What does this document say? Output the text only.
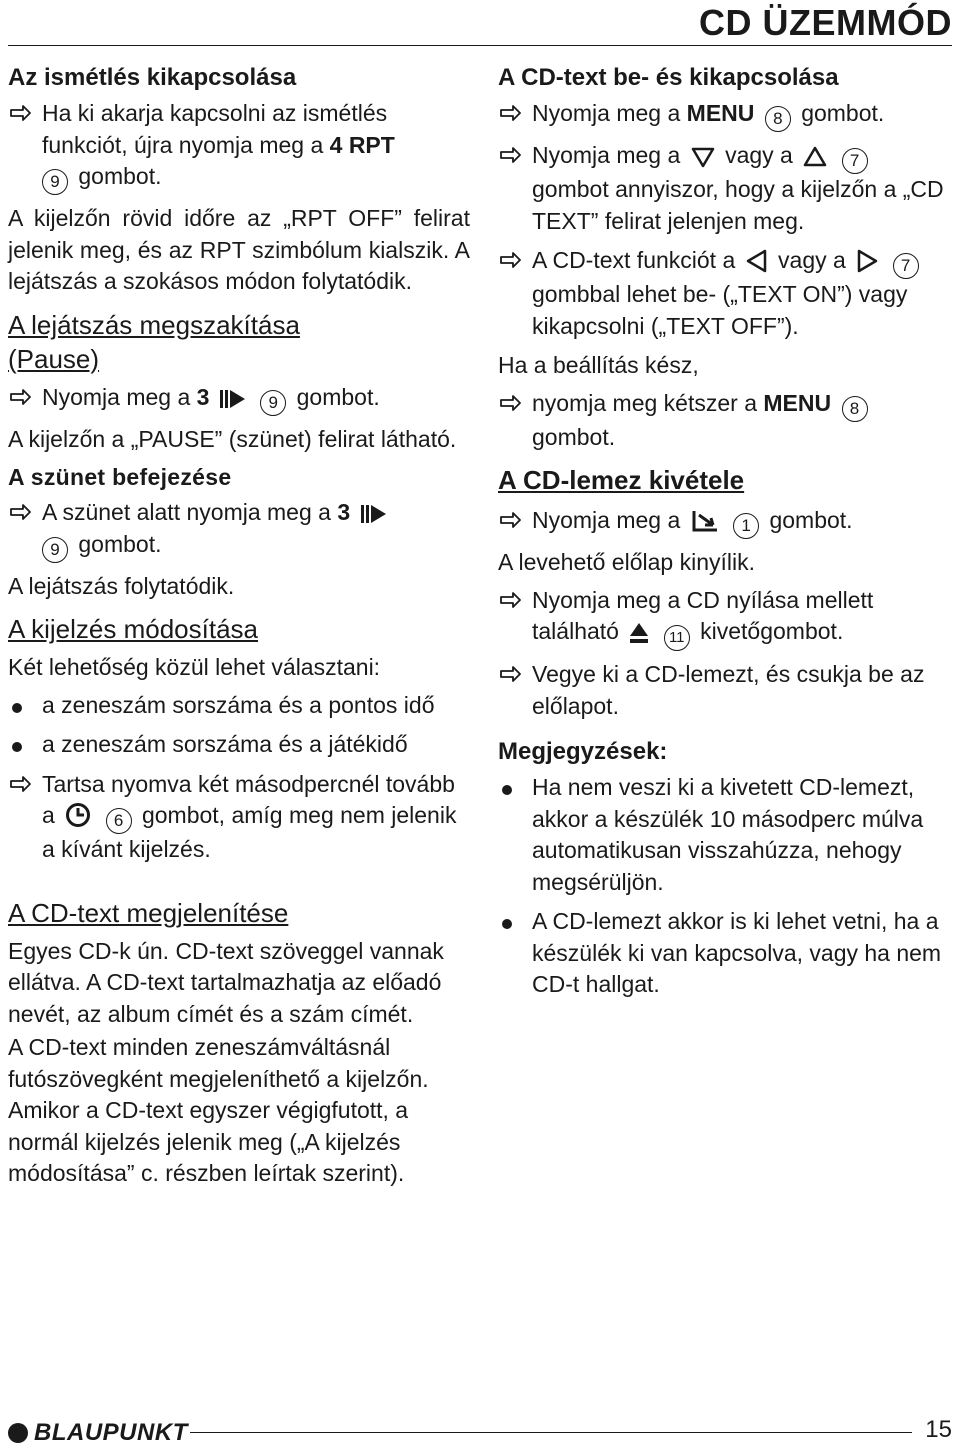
CD ÜZEMMÓD
Az ismétlés kikapcsolása
Ha ki akarja kapcsolni az ismétlés funkciót, újra nyomja meg a 4 RPT
9 gombot.
A kijelzőn rövid időre az „RPT OFF” felirat jelenik meg, és az RPT szimbólum kialszik. A lejátszás a szokásos módon folytatódik.
A lejátszás megszakítása
(Pause)
Nyomja meg a 3	9 gombot.
A kijelzőn a „PAUSE” (szünet) felirat látható.
A szünet befejezése
A szünet alatt nyomja meg a 3
9 gombot.
A lejátszás folytatódik.
A kijelzés módosítása
Két lehetőség közül lehet választani:
a zeneszám sorszáma és a pontos idő
a zeneszám sorszáma és a játékidő
Tartsa nyomva két másodpercnél tovább a	6 gombot, amíg meg nem jelenik a kívánt kijelzés.
A CD-text megjelenítése
Egyes CD-k ún. CD-text szöveggel vannak ellátva. A CD-text tartalmazhatja az előadó nevét, az album címét és a szám címét.
A CD-text minden zeneszámváltásnál futószövegként megjeleníthető a kijelzőn. Amikor a CD-text egyszer végigfutott, a normál kijelzés jelenik meg („A kijelzés módosítása” c. részben leírtak szerint).
A CD-text be- és kikapcsolása
Nyomja meg a MENU 8 gombot.
Nyomja meg a vagy a	7 gombot annyiszor, hogy a kijelzőn a „CD TEXT” felirat jelenjen meg.
A CD-text funkciót a vagy a	7 gombbal lehet be- („TEXT ON”) vagy kikapcsolni („TEXT OFF”).
Ha a beállítás kész,
nyomja meg kétszer a MENU 8
gombot.
A CD-lemez kivétele
Nyomja meg a	1 gombot.
A levehető előlap kinyílik.
Nyomja meg a CD nyílása mellett található	11 kivetőgombot.
Vegye ki a CD-lemezt, és csukja be az előlapot.
Megjegyzések:
Ha nem veszi ki a kivetett CD-lemezt, akkor a készülék 10 másodperc múlva automatikusan visszahúzza, nehogy megsérüljön.
A CD-lemezt akkor is ki lehet vetni, ha a készülék ki van kapcsolva, vagy ha nem CD-t hallgat.
BLAUPUNKT	15
